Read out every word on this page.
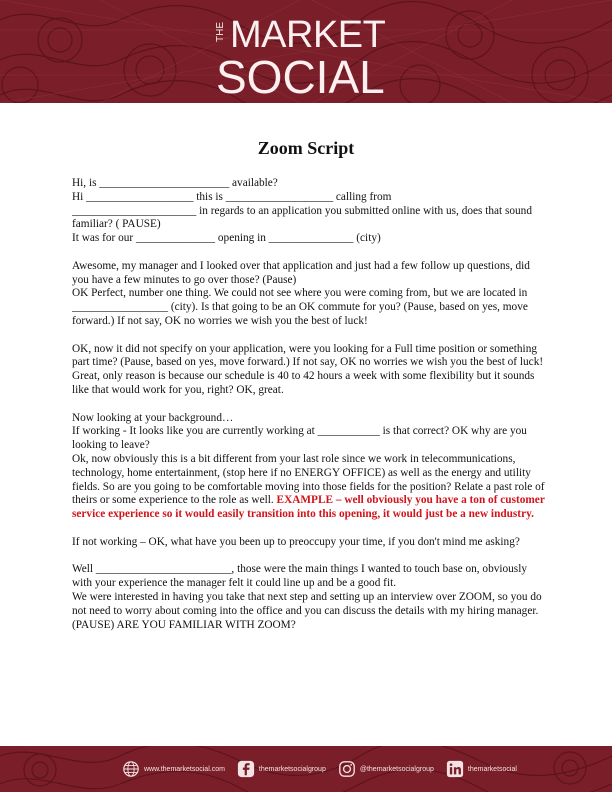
THE MARKET
SOCIAL
Zoom Script

Hi, is _______________________ available?

Hi ___________________ this is ___________________ calling from

______________________ in regards to an application you submitted online with us, does that sound familiar? ( PAUSE)

It was for our ______________ opening in _______________ (city)

Awesome, my manager and I looked over that application and just had a few follow up questions, did you have a few minutes to go over those? (Pause)

OK Perfect, number one thing. We could not see where you were coming from, but we are located in _________________ (city). Is that going to be an OK commute for you? (Pause, based on yes, move forward.) If not say, OK no worries we wish you the best of luck!

OK, now it did not specify on your application, were you looking for a Full time position or something part time? (Pause, based on yes, move forward.) If not say, OK no worries we wish you the best of luck!

Great, only reason is because our schedule is 40 to 42 hours a week with some flexibility but it sounds like that would work for you, right? OK, great.

Now looking at your background…

If working - It looks like you are currently working at ___________ is that correct? OK why are you looking to leave?

Ok, now obviously this is a bit different from your last role since we work in telecommunications, technology, home entertainment, (stop here if no ENERGY OFFICE) as well as the energy and utility fields. So are you going to be comfortable moving into those fields for the position? Relate a past role of theirs or some experience to the role as well. EXAMPLE – well obviously you have a ton of customer service experience so it would easily transition into this opening, it would just be a new industry.

If not working – OK, what have you been up to preoccupy your time, if you don't mind me asking?

Well ________________________, those were the main things I wanted to touch base on, obviously with your experience the manager felt it could line up and be a good fit.

We were interested in having you take that next step and setting up an interview over ZOOM, so you do not need to worry about coming into the office and you can discuss the details with my hiring manager. (PAUSE) ARE YOU FAMILIAR WITH ZOOM?

www.themarketsocial.com	themarketsocialgroup	@themarketsocialgroup	themarketsocial
